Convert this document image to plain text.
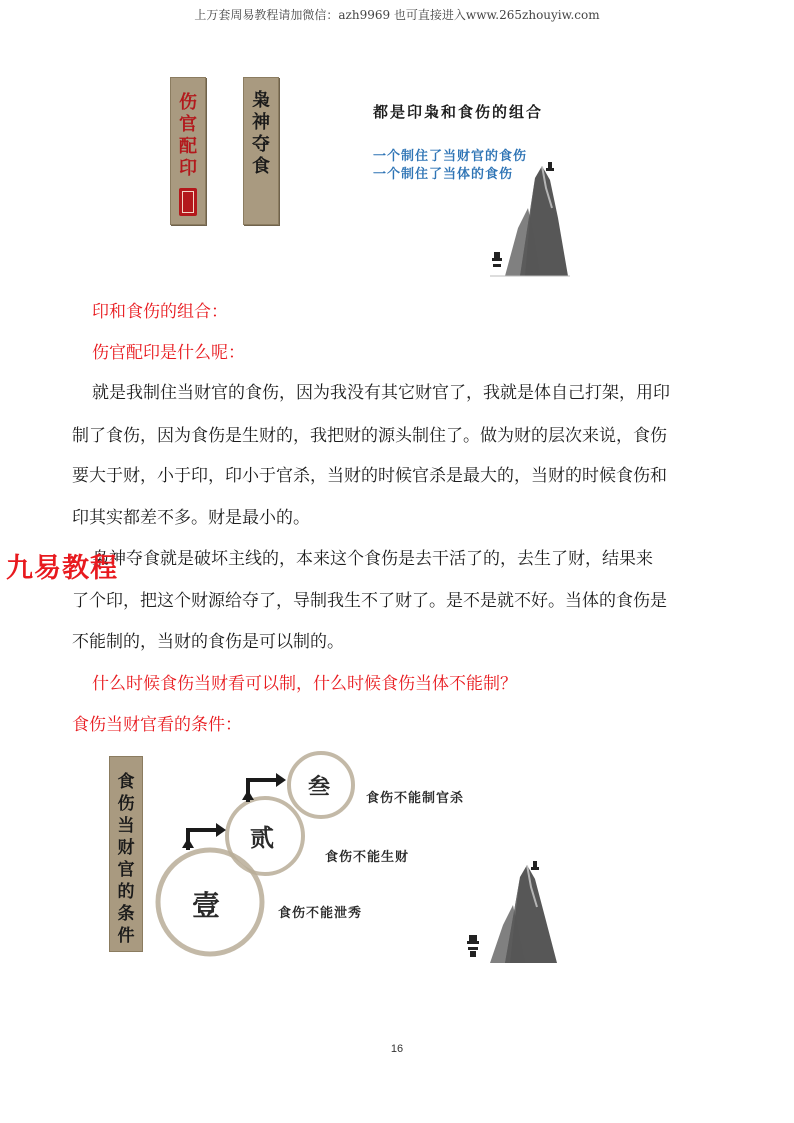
上万套周易教程请加微信：azh9969 也可直接进入www.265zhouyiw.com
伤
官
配
印
枭
神
夺
食
都是印枭和食伤的组合
一个制住了当财官的食伤
一个制住了当体的食伤
印和食伤的组合：
伤官配印是什么呢：
就是我制住当财官的食伤，因为我没有其它财官了，我就是体自己打架，用印
制了食伤，因为食伤是生财的，我把财的源头制住了。做为财的层次来说，食伤
要大于财，小于印，印小于官杀，当财的时候官杀是最大的，当财的时候食伤和
印其实都差不多。财是最小的。
枭神夺食就是破坏主线的，本来这个食伤是去干活了的，去生了财，结果来
了个印，把这个财源给夺了，导制我生不了财了。是不是就不好。当体的食伤是
不能制的，当财的食伤是可以制的。
九易教程
什么时候食伤当财看可以制，什么时候食伤当体不能制？
食伤当财官看的条件：
食
伤
当
财
官
的
条
件
壹
贰
叁
食伤不能泄秀
食伤不能生财
食伤不能制官杀
16
